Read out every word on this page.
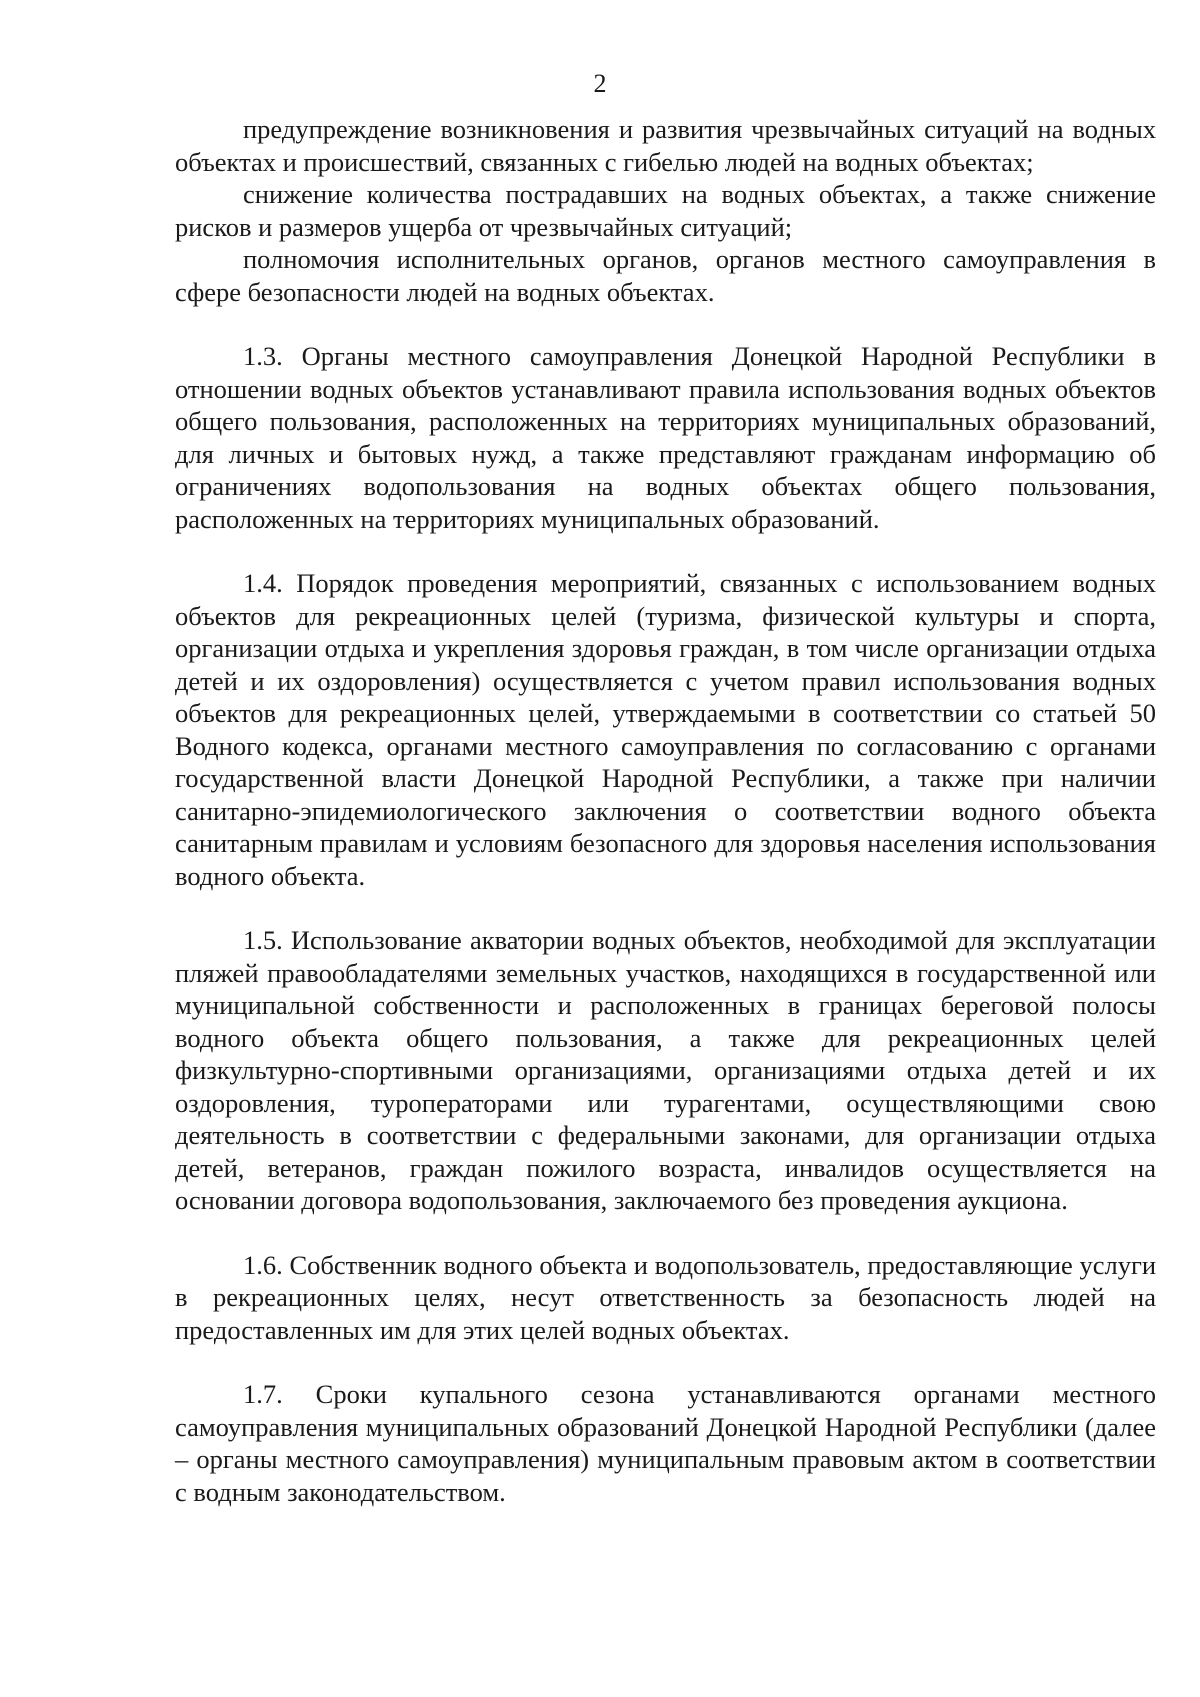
2

предупреждение возникновения и развития чрезвычайных ситуаций на водных объектах и происшествий, связанных с гибелью людей на водных объектах;

снижение количества пострадавших на водных объектах, а также снижение рисков и размеров ущерба от чрезвычайных ситуаций;

полномочия исполнительных органов, органов местного самоуправления в сфере безопасности людей на водных объектах.

1.3. Органы местного самоуправления Донецкой Народной Республики в отношении водных объектов устанавливают правила использования водных объектов общего пользования, расположенных на территориях муниципальных образований, для личных и бытовых нужд, а также представляют гражданам информацию об ограничениях водопользования на водных объектах общего пользования, расположенных на территориях муниципальных образований.

1.4. Порядок проведения мероприятий, связанных с использованием водных объектов для рекреационных целей (туризма, физической культуры и спорта, организации отдыха и укрепления здоровья граждан, в том числе организации отдыха детей и их оздоровления) осуществляется с учетом правил использования водных объектов для рекреационных целей, утверждаемыми в соответствии со статьей 50 Водного кодекса, органами местного самоуправления по согласованию с органами государственной власти Донецкой Народной Республики, а также при наличии санитарно-эпидемиологического заключения о соответствии водного объекта санитарным правилам и условиям безопасного для здоровья населения использования водного объекта.

1.5. Использование акватории водных объектов, необходимой для эксплуатации пляжей правообладателями земельных участков, находящихся в государственной или муниципальной собственности и расположенных в границах береговой полосы водного объекта общего пользования, а также для рекреационных целей физкультурно-спортивными организациями, организациями отдыха детей и их оздоровления, туроператорами или турагентами, осуществляющими свою деятельность в соответствии с федеральными законами, для организации отдыха детей, ветеранов, граждан пожилого возраста, инвалидов осуществляется на основании договора водопользования, заключаемого без проведения аукциона.

1.6. Собственник водного объекта и водопользователь, предоставляющие услуги в рекреационных целях, несут ответственность за безопасность людей на предоставленных им для этих целей водных объектах.

1.7. Сроки купального сезона устанавливаются органами местного самоуправления муниципальных образований Донецкой Народной Республики (далее – органы местного самоуправления) муниципальным правовым актом в соответствии с водным законодательством.
